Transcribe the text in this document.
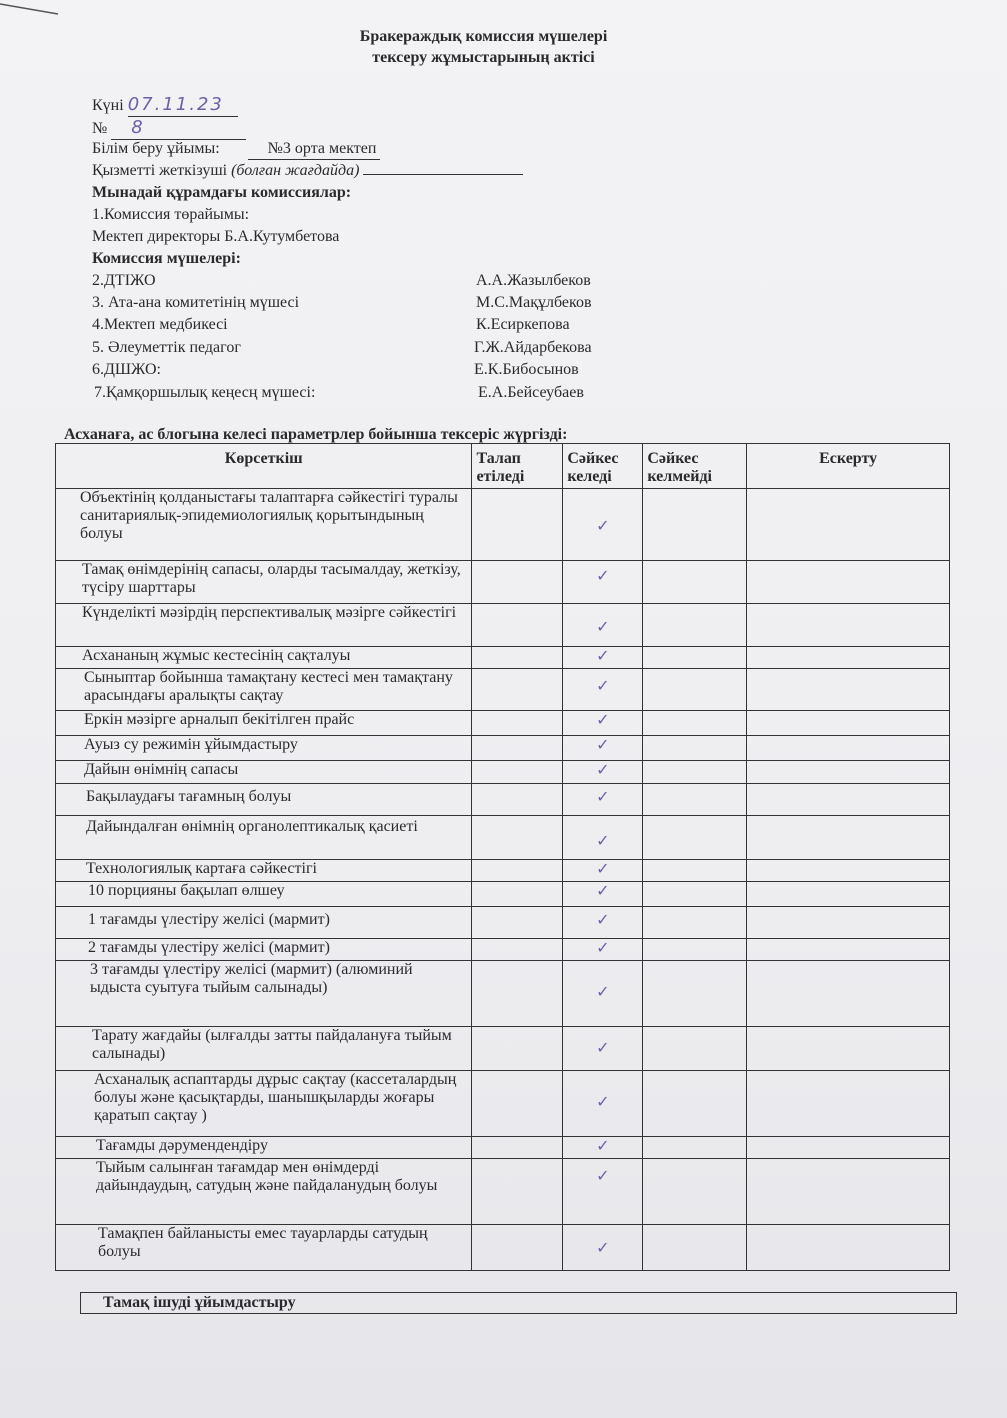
Бракераждық комиссия мүшелері
тексеру жұмыстарының актісі
Күні 07.11.23
№ 8
Білім беру ұйымы:	№3 орта мектеп
Қызметті жеткізуші (болған жағдайда)
Мынадай құрамдағы комиссиялар:
1.Комиссия төрайымы:
Мектеп директоры Б.А.Кутумбетова
Комиссия мүшелері:
2.ДТІЖО	А.А.Жазылбеков
3. Ата-ана комитетінің мүшесі	М.С.Мақұлбеков
4.Мектеп медбикесі	К.Есиркепова
5. Әлеуметтік педагог	Г.Ж.Айдарбекова
6.ДШЖО:	Е.К.Бибосынов
7.Қамқоршылық кеңесң мүшесі:	Е.А.Бейсеубаев
Асханаға, ас блогына келесі параметрлер бойынша тексеріс жүргізді:
Көрсеткіш	Талап етіледі	Сәйкес келеді	Сәйкес келмейді	Ескерту
Объектінің қолданыстағы талаптарға сәйкестігі туралы санитариялық-эпидемиологиялық қорытындының болуы		✓		

Тамақ өнімдерінің сапасы, оларды тасымалдау, жеткізу, түсіру шарттары		✓		

Күнделікті мәзірдің перспективалық мәзірге сәйкестігі		✓		

Асхананың жұмыс кестесінің сақталуы		✓		

Сыныптар бойынша тамақтану кестесі мен тамақтану арасындағы аралықты сақтау		✓		

Еркін мәзірге арналып бекітілген прайс		✓		

Ауыз су режимін ұйымдастыру		✓		

Дайын өнімнің сапасы		✓		

Бақылаудағы тағамның болуы		✓		

Дайындалған өнімнің органолептикалық қасиеті		✓		

Технологиялық картаға сәйкестігі		✓		

10 порцияны бақылап өлшеу		✓		

1 тағамды үлестіру желісі (мармит)		✓		

2 тағамды үлестіру желісі (мармит)		✓		

3 тағамды үлестіру желісі (мармит) (алюминий ыдыста суытуға тыйым салынады)		✓		

Тарату жағдайы (ылғалды затты пайдалануға тыйым салынады)		✓		

Асханалық аспаптарды дұрыс сақтау (кассеталардың болуы және қасықтарды, шанышқыларды жоғары қаратып сақтау )		✓		

Тағамды дәрумендендіру		✓		

Тыйым салынған тағамдар мен өнімдерді дайындаудың, сатудың және пайдаланудың болуы		✓		

Тамақпен байланысты емес тауарларды сатудың болуы		✓		

Тамақ ішуді ұйымдастыру
